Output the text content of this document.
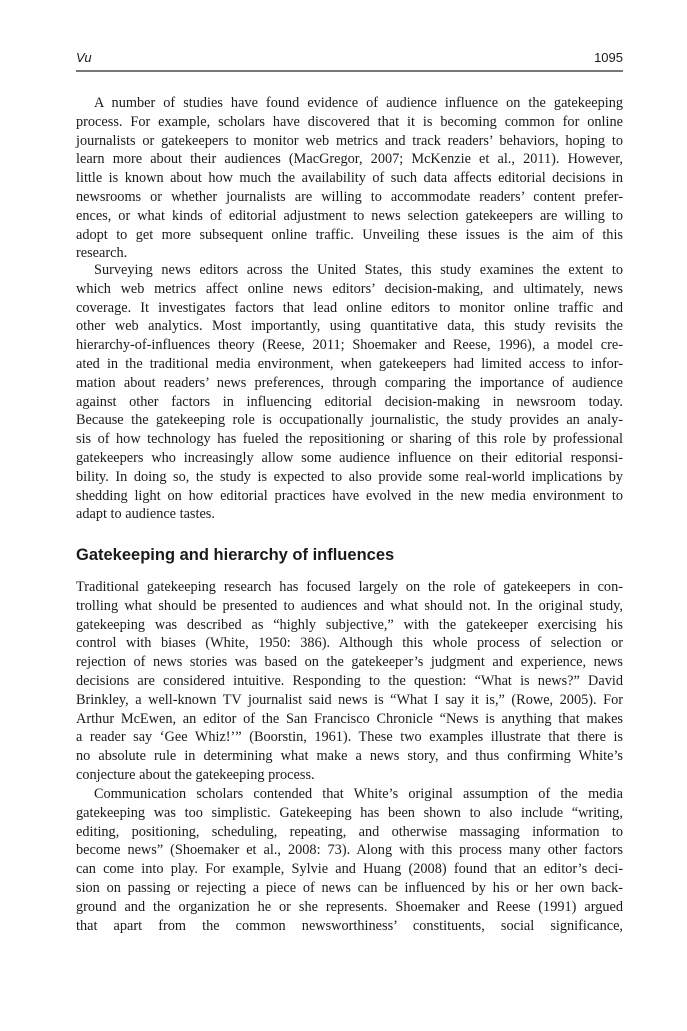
Vu	1095
A number of studies have found evidence of audience influence on the gatekeeping
process. For example, scholars have discovered that it is becoming common for online
journalists or gatekeepers to monitor web metrics and track readers’ behaviors, hoping to
learn more about their audiences (MacGregor, 2007; McKenzie et al., 2011). However,
little is known about how much the availability of such data affects editorial decisions in
newsrooms or whether journalists are willing to accommodate readers’ content prefer-
ences, or what kinds of editorial adjustment to news selection gatekeepers are willing to
adopt to get more subsequent online traffic. Unveiling these issues is the aim of this
research.
Surveying news editors across the United States, this study examines the extent to
which web metrics affect online news editors’ decision-making, and ultimately, news
coverage. It investigates factors that lead online editors to monitor online traffic and
other web analytics. Most importantly, using quantitative data, this study revisits the
hierarchy-of-influences theory (Reese, 2011; Shoemaker and Reese, 1996), a model cre-
ated in the traditional media environment, when gatekeepers had limited access to infor-
mation about readers’ news preferences, through comparing the importance of audience
against other factors in influencing editorial decision-making in newsroom today.
Because the gatekeeping role is occupationally journalistic, the study provides an analy-
sis of how technology has fueled the repositioning or sharing of this role by professional
gatekeepers who increasingly allow some audience influence on their editorial responsi-
bility. In doing so, the study is expected to also provide some real-world implications by
shedding light on how editorial practices have evolved in the new media environment to
adapt to audience tastes.
Gatekeeping and hierarchy of influences
Traditional gatekeeping research has focused largely on the role of gatekeepers in con-
trolling what should be presented to audiences and what should not. In the original study,
gatekeeping was described as “highly subjective,” with the gatekeeper exercising his
control with biases (White, 1950: 386). Although this whole process of selection or
rejection of news stories was based on the gatekeeper’s judgment and experience, news
decisions are considered intuitive. Responding to the question: “What is news?” David
Brinkley, a well-known TV journalist said news is “What I say it is,” (Rowe, 2005). For
Arthur McEwen, an editor of the San Francisco Chronicle “News is anything that makes
a reader say ‘Gee Whiz!’” (Boorstin, 1961). These two examples illustrate that there is
no absolute rule in determining what make a news story, and thus confirming White’s
conjecture about the gatekeeping process.
Communication scholars contended that White’s original assumption of the media
gatekeeping was too simplistic. Gatekeeping has been shown to also include “writing,
editing, positioning, scheduling, repeating, and otherwise massaging information to
become news” (Shoemaker et al., 2008: 73). Along with this process many other factors
can come into play. For example, Sylvie and Huang (2008) found that an editor’s deci-
sion on passing or rejecting a piece of news can be influenced by his or her own back-
ground and the organization he or she represents. Shoemaker and Reese (1991) argued
that apart from the common newsworthiness’ constituents, social significance,
